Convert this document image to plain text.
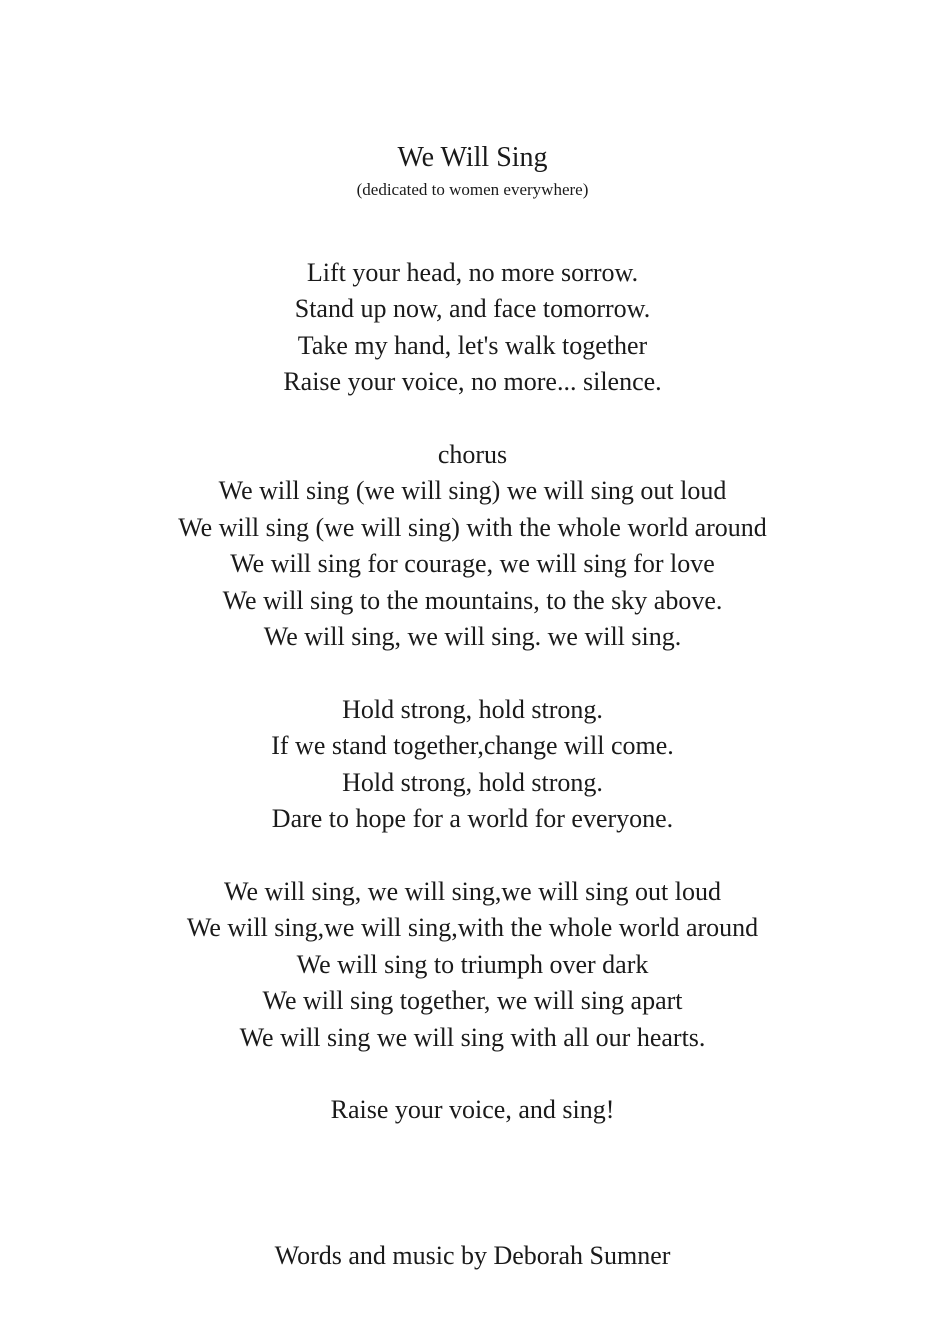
We Will Sing
(dedicated to women everywhere)
Lift your head, no more sorrow.
Stand up now, and face tomorrow.
Take my hand, let's walk together
Raise your voice, no more... silence.
chorus
We will sing (we will sing) we will sing out loud
We will sing (we will sing) with the whole world around
We will sing for courage, we will sing for love
We will sing to the mountains, to the sky above.
We will sing, we will sing. we will sing.
Hold strong, hold strong.
If we stand together,change will come.
Hold strong, hold strong.
Dare to hope for a world for everyone.
We will sing, we will sing,we will sing out loud
We will sing,we will sing,with the whole world around
We will sing to triumph over dark
We will sing together, we will sing apart
We will sing we will sing with all our hearts.
Raise your voice, and sing!
Words and music by Deborah Sumner
